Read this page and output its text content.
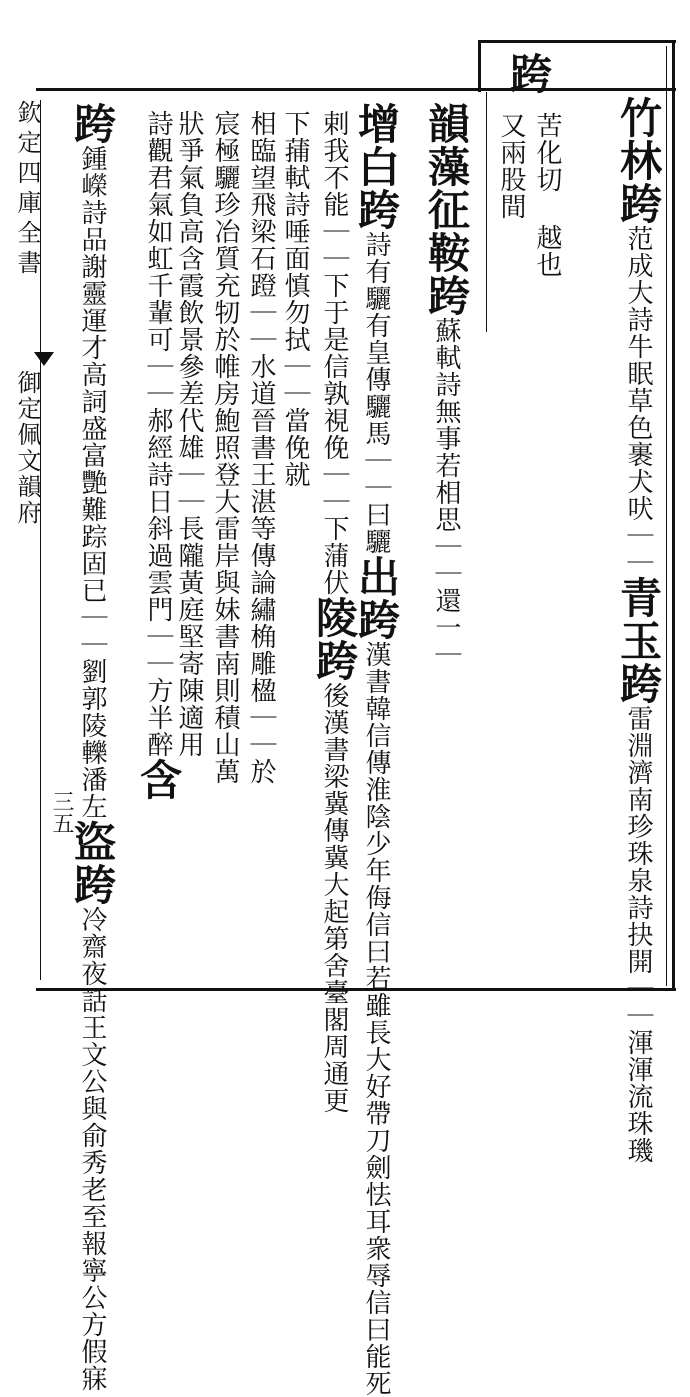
欽定四庫全書
御定佩文韻府
三五
跨
苦化切 越也
又兩股間 竹林跨范成大詩牛眠草色裹犬吠｜｜青玉跨雷淵濟南珍珠泉詩抉開｜｜渾渾流珠璣
韻藻征鞍跨蘇軾詩無事若相思｜｜還一｜
增白跨詩有驪有皇傳驪馬｜｜曰驪出跨漢書韓信傳淮陰少年侮信曰若雖長大好帶刀劍怯耳衆辱信曰能死
剌我不能｜｜下于是信孰視俛｜｜下蒲伏陵跨後漢書梁冀傳冀大起第舍臺閣周通更
下蒱軾詩唾面慎勿拭｜｜當俛就
相臨望飛梁石蹬｜｜水道晉書王湛等傳論繡桷雕楹｜｜於
宸極驪珍冶質充牣於帷房鮑照登大雷岸與妹書南則積山萬
狀爭氣負高含霞飲景參差代雄｜｜長隴黃庭堅寄陳適用
詩觀君氣如虹千輩可｜｜郝經詩日斜過雲門｜｜方半醉含
跨鍾嶸詩品謝靈運才高詞盛富艷難踪固已｜｜劉郭陵轢潘左盜跨冷齋夜話王文公與俞秀老至報寧公方假寐
